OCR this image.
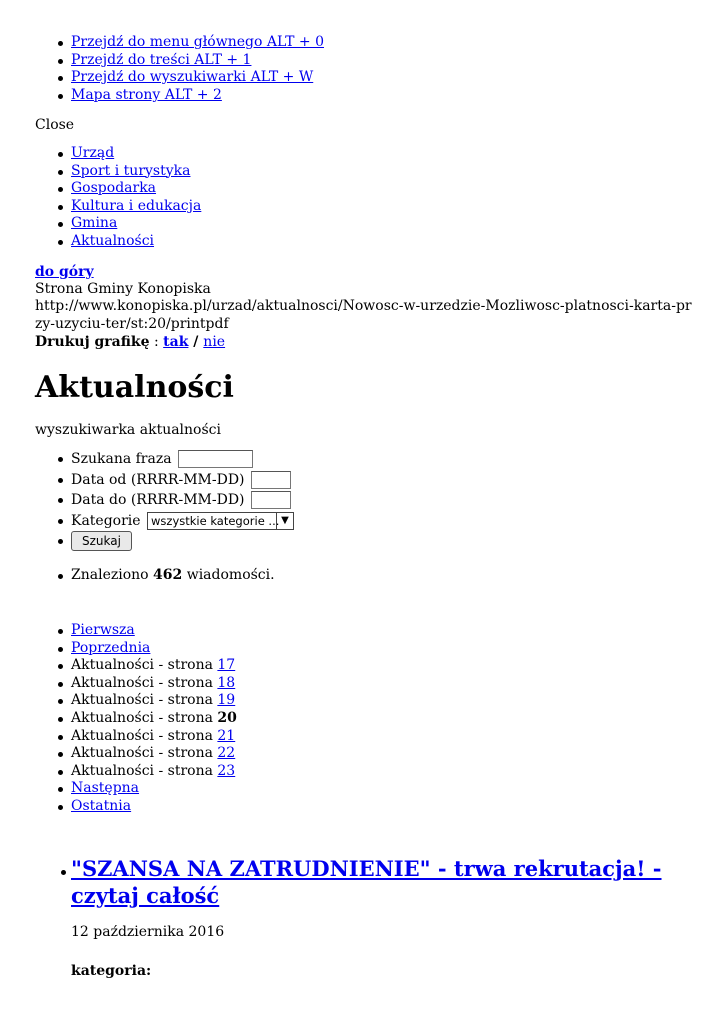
Przejdź do menu głównego ALT + 0
Przejdź do treści ALT + 1
Przejdź do wyszukiwarki ALT + W
Mapa strony ALT + 2
Close
Urząd
Sport i turystyka
Gospodarka
Kultura i edukacja
Gmina
Aktualności
do góry
Strona Gminy Konopiska
http://www.konopiska.pl/urzad/aktualnosci/Nowosc-w-urzedzie-Mozliwosc-platnosci-karta-przy-uzyciu-ter/st:20/printpdf
Drukuj grafikę : tak / nie
Aktualności
wyszukiwarka aktualności
Szukana fraza
Data od (RRRR-MM-DD)
Data do (RRRR-MM-DD)
Kategorie wszystkie kategorie ... ▼
Szukaj
Znaleziono 462 wiadomości.
Pierwsza
Poprzednia
Aktualności - strona 17
Aktualności - strona 18
Aktualności - strona 19
Aktualności - strona 20
Aktualności - strona 21
Aktualności - strona 22
Aktualności - strona 23
Następna
Ostatnia
"SZANSA NA ZATRUDNIENIE" - trwa rekrutacja! - czytaj całość
12 października 2016
kategoria:
